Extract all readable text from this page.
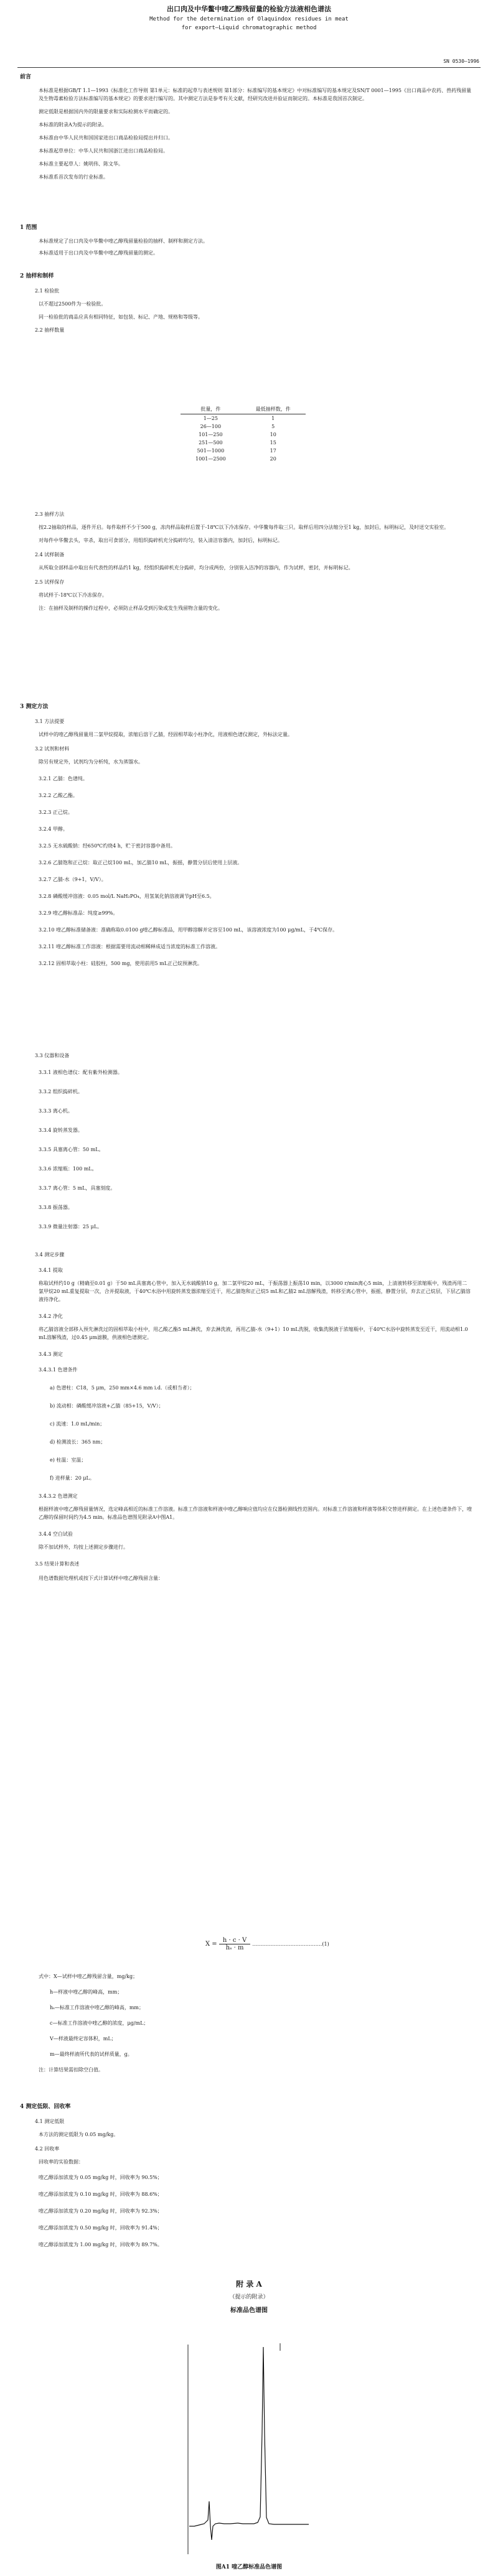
出口肉及中华鳖中喹乙醇残留量的检验方法液相色谱法
Method for the determination of Olaquindox residues in meat
for export—Liquid chromatographic method
SN 0530—1996
前言
本标准是根据GB/T 1.1—1993《标准化工作导则 第1单元：标准的起草与表述规则 第1部分：标准编写的基本规定》中对标准编写的基本规定及SN/T 0001—1995《出口商品中农药、兽药残留量及生物毒素检验方法标准编写的基本规定》的要求进行编写的。其中测定方法是参考有关文献，经研究改进并验证而制定的。本标准是我国首次制定。
测定低限是根据国内外的限量要求和实际检测水平而确定的。
本标准的附录A为提示的附录。
本标准由中华人民共和国国家进出口商品检验局提出并归口。
本标准起草单位：中华人民共和国浙江进出口商品检验局。
本标准主要起草人：姚明伟、陈文华。
本标准系首次发布的行业标准。
1 范围
本标准规定了出口肉及中华鳖中喹乙醇残留量检验的抽样、制样和测定方法。
本标准适用于出口肉及中华鳖中喹乙醇残留量的测定。
2 抽样和制样
2.1 检验批
以不超过2500件为一检验批。
同一检验批的商品应具有相同特征，如包装、标记、产地、规格和等级等。
2.2 抽样数量
批量，件	最低抽样数，件
1—25	1
26—100	5
101—250	10
251—500	15
501—1000	17
1001—2500	20
2.3 抽样方法
按2.2抽取的样品，逐件开启。每件取样不少于500 g，冻肉样品取样后置于-18℃以下冷冻保存。中华鳖每件取三只。取样后用四分法缩分至1 kg，加封后，标明标记，及时送交实验室。
对每件中华鳖去头，宰杀，取出可食部分，用组织捣碎机充分捣碎均匀，装入清洁容器内，加封后，标明标记。
2.4 试样制备
从所取全部样品中取出有代表性的样品约1 kg，经组织捣碎机充分捣碎，均分成两份，分别装入洁净的容器内，作为试样，密封，并标明标记。
2.5 试样保存
将试样于-18℃以下冷冻保存。
注：在抽样及制样的操作过程中，必须防止样品受到污染或发生残留物含量的变化。
3 测定方法
3.1 方法提要
试样中的喹乙醇残留量用二氯甲烷提取，浓缩后溶于乙腈，经固相萃取小柱净化，用液相色谱仪测定，外标法定量。
3.2 试剂和材料
除另有规定外，试剂均为分析纯，水为蒸馏水。
3.2.1 乙腈：色谱纯。
3.2.2 乙酸乙酯。
3.2.3 正己烷。
3.2.4 甲醇。
3.2.5 无水硫酸钠：经650℃灼烧4 h，贮于密封容器中备用。
3.2.6 乙腈饱和正己烷：取正己烷100 mL，加乙腈10 mL，振摇，静置分层后使用上层液。
3.2.7 乙腈-水（9+1，V/V）。
3.2.8 磷酸缓冲溶液：0.05 mol/L NaH₂PO₄，用氢氧化钠溶液调节pH至6.5。
3.2.9 喹乙醇标准品：纯度≥99%。
3.2.10 喹乙醇标准储备液：准确称取0.0100 g喹乙醇标准品，用甲醇溶解并定容至100 mL，该溶液浓度为100 μg/mL，于4℃保存。
3.2.11 喹乙醇标准工作溶液：根据需要用流动相稀释成适当浓度的标准工作溶液。
3.2.12 固相萃取小柱：硅胶柱，500 mg，使用前用5 mL正己烷预淋洗。
3.3 仪器和设备
3.3.1 液相色谱仪：配有紫外检测器。
3.3.2 组织捣碎机。
3.3.3 离心机。
3.3.4 旋转蒸发器。
3.3.5 具塞离心管：50 mL。
3.3.6 浓缩瓶：100 mL。
3.3.7 离心管：5 mL，具塞刻度。
3.3.8 振荡器。
3.3.9 微量注射器：25 μL。
3.4 测定步骤
3.4.1 提取
称取试样约10 g（精确至0.01 g）于50 mL具塞离心管中，加入无水硫酸钠10 g，加二氯甲烷20 mL，于振荡器上振荡10 min，以3000 r/min离心5 min，上清液转移至浓缩瓶中，残渣再用二氯甲烷20 mL重复提取一次，合并提取液，于40℃水浴中用旋转蒸发器浓缩至近干，用乙腈饱和正己烷5 mL和乙腈2 mL溶解残渣，转移至离心管中，振摇，静置分层，弃去正己烷层，下层乙腈溶液待净化。
3.4.2 净化
将乙腈溶液全部移入预先淋洗过的固相萃取小柱中，用乙酸乙酯5 mL淋洗，弃去淋洗液，再用乙腈-水（9+1）10 mL洗脱，收集洗脱液于浓缩瓶中，于40℃水浴中旋转蒸发至近干，用流动相1.0 mL溶解残渣，过0.45 μm滤膜，供液相色谱测定。
3.4.3 测定
3.4.3.1 色谱条件
a) 色谱柱：C18，5 μm，250 mm×4.6 mm i.d.（或相当者）；
b) 流动相：磷酸缓冲溶液+乙腈（85+15，V/V）；
c) 流速：1.0 mL/min；
d) 检测波长：365 nm；
e) 柱温：室温；
f) 进样量：20 μL。
3.4.3.2 色谱测定
根据样液中喹乙醇残留量情况，选定峰高相近的标准工作溶液。标准工作溶液和样液中喹乙醇响应值均应在仪器检测线性范围内。对标准工作溶液和样液等体积交替进样测定。在上述色谱条件下，喹乙醇的保留时间约为4.5 min。标准品色谱图见附录A中图A1。
3.4.4 空白试验
除不加试样外，均按上述测定步骤进行。
3.5 结果计算和表述
用色谱数据处理机或按下式计算试样中喹乙醇残留含量：
$X = \frac{h \cdot c \cdot V}{\text{hₛ · m}}$ ……………………………………(1)
式中：X—试样中喹乙醇残留含量，mg/kg；
h—样液中喹乙醇的峰高，mm；
hₛ—标准工作溶液中喹乙醇的峰高，mm；
c—标准工作溶液中喹乙醇的浓度，μg/mL；
V—样液最终定容体积，mL；
m—最终样液所代表的试样质量，g。
注：计算结果需扣除空白值。
4 测定低限、回收率
4.1 测定低限
本方法的测定低限为 0.05 mg/kg。
4.2 回收率
回收率的实验数据：
喹乙醇添加浓度为 0.05 mg/kg 时，回收率为 90.5%；
喹乙醇添加浓度为 0.10 mg/kg 时，回收率为 88.6%；
喹乙醇添加浓度为 0.20 mg/kg 时，回收率为 92.3%；
喹乙醇添加浓度为 0.50 mg/kg 时，回收率为 91.4%；
喹乙醇添加浓度为 1.00 mg/kg 时，回收率为 89.7%。
附 录 A
（提示的附录）
标准品色谱图
图A1 喹乙醇标准品色谱图
